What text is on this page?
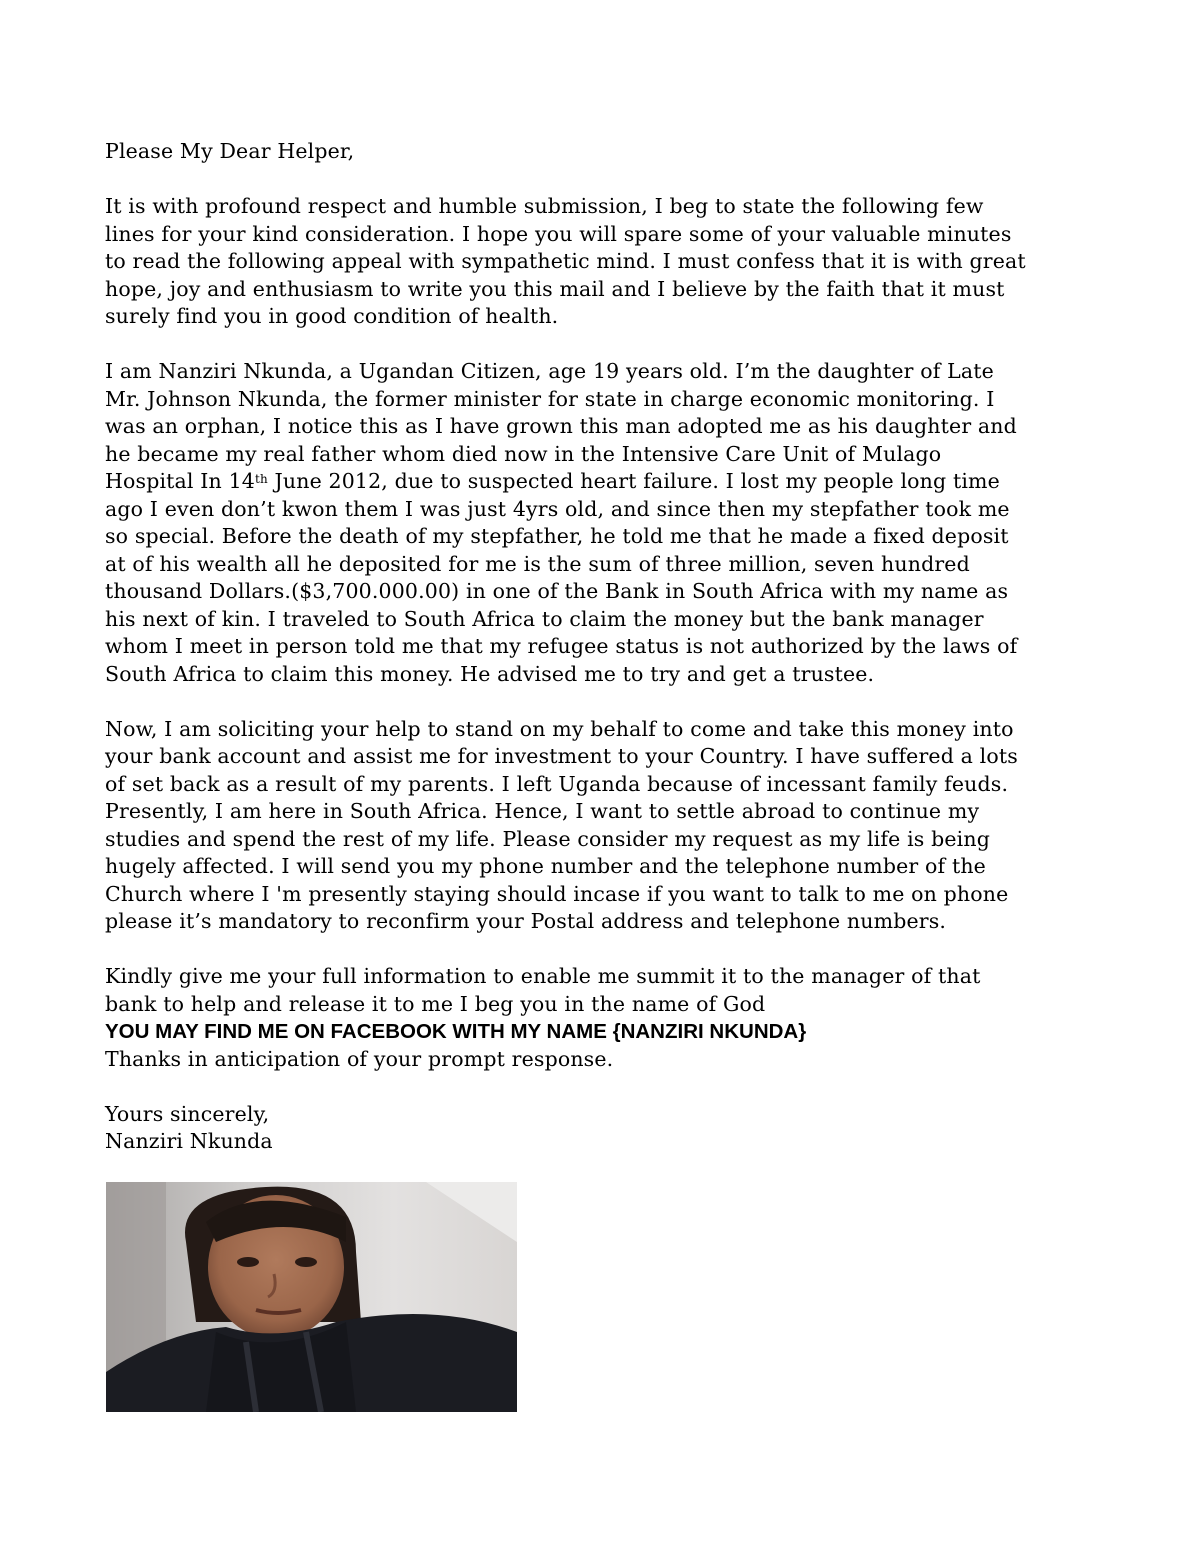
Please My Dear Helper,

It is with profound respect and humble submission, I beg to state the following few
lines for your kind consideration. I hope you will spare some of your valuable minutes
to read the following appeal with sympathetic mind. I must confess that it is with great
hope, joy and enthusiasm to write you this mail and I believe by the faith that it must
surely find you in good condition of health.

I am Nanziri Nkunda, a Ugandan Citizen, age 19 years old. I’m the daughter of Late
Mr. Johnson Nkunda, the former minister for state in charge economic monitoring. I
was an orphan, I notice this as I have grown this man adopted me as his daughter and
he became my real father whom died now in the Intensive Care Unit of Mulago
Hospital In 14th June 2012, due to suspected heart failure. I lost my people long time
ago I even don’t kwon them I was just 4yrs old, and since then my stepfather took me
so special. Before the death of my stepfather, he told me that he made a fixed deposit
at of his wealth all he deposited for me is the sum of three million, seven hundred
thousand Dollars.($3,700.000.00) in one of the Bank in South Africa with my name as
his next of kin. I traveled to South Africa to claim the money but the bank manager
whom I meet in person told me that my refugee status is not authorized by the laws of
South Africa to claim this money. He advised me to try and get a trustee.

Now, I am soliciting your help to stand on my behalf to come and take this money into
your bank account and assist me for investment to your Country. I have suffered a lots
of set back as a result of my parents. I left Uganda because of incessant family feuds.
Presently, I am here in South Africa. Hence, I want to settle abroad to continue my
studies and spend the rest of my life. Please consider my request as my life is being
hugely affected. I will send you my phone number and the telephone number of the
Church where I 'm presently staying should incase if you want to talk to me on phone
please it’s mandatory to reconfirm your Postal address and telephone numbers.

Kindly give me your full information to enable me summit it to the manager of that
bank to help and release it to me I beg you in the name of God

YOU MAY FIND ME ON FACEBOOK WITH MY NAME {NANZIRI NKUNDA}

Thanks in anticipation of your prompt response.

Yours sincerely,

Nanziri Nkunda
